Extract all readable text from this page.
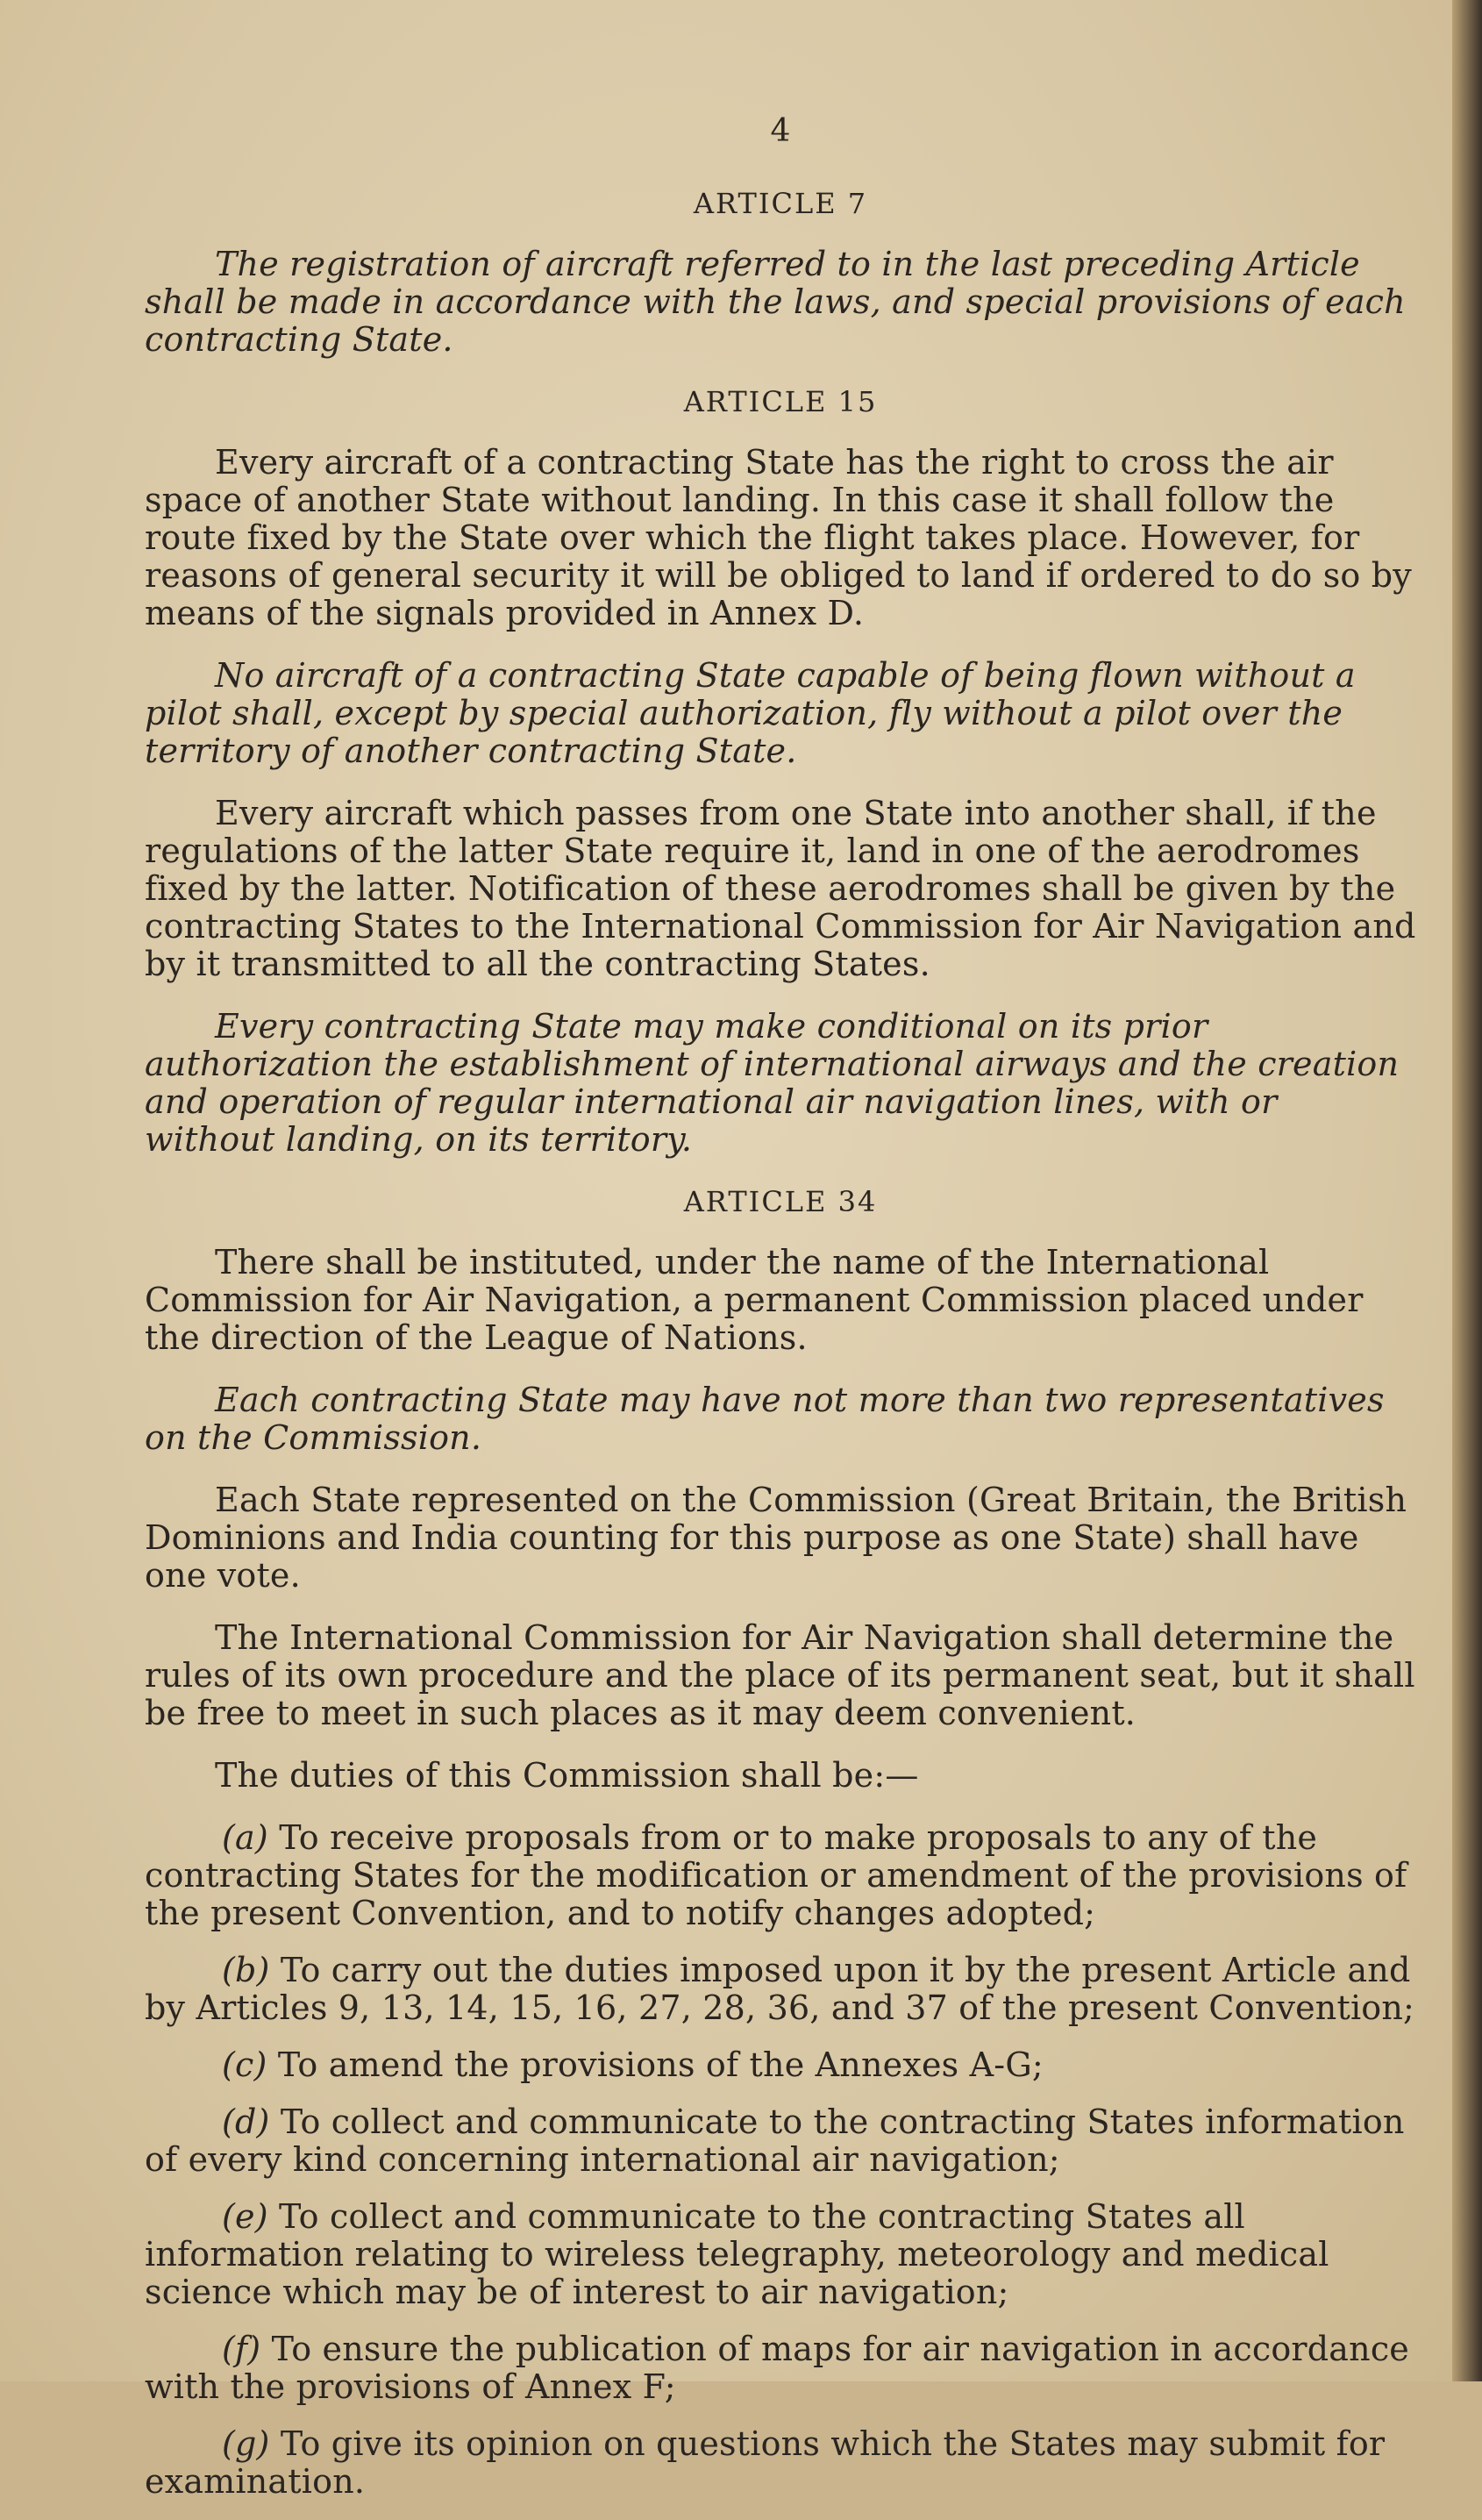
4
ARTICLE 7

The registration of aircraft referred to in the last preceding Article shall be made in accordance with the laws, and special provisions of each contracting State.

ARTICLE 15

Every aircraft of a contracting State has the right to cross the air space of another State without landing. In this case it shall follow the route fixed by the State over which the flight takes place. However, for reasons of general security it will be obliged to land if ordered to do so by means of the signals provided in Annex D.

No aircraft of a contracting State capable of being flown without a pilot shall, except by special authorization, fly without a pilot over the territory of another contracting State.

Every aircraft which passes from one State into another shall, if the regulations of the latter State require it, land in one of the aerodromes fixed by the latter. Notification of these aerodromes shall be given by the contracting States to the International Commission for Air Navigation and by it transmitted to all the contracting States.

Every contracting State may make conditional on its prior authorization the establishment of international airways and the creation and operation of regular international air navigation lines, with or without landing, on its territory.

ARTICLE 34

There shall be instituted, under the name of the International Commission for Air Navigation, a permanent Commission placed under the direction of the League of Nations.

Each contracting State may have not more than two representatives on the Commission.

Each State represented on the Commission (Great Britain, the British Dominions and India counting for this purpose as one State) shall have one vote.

The International Commission for Air Navigation shall determine the rules of its own procedure and the place of its permanent seat, but it shall be free to meet in such places as it may deem convenient.

The duties of this Commission shall be:—

(a) To receive proposals from or to make proposals to any of the contracting States for the modification or amendment of the provisions of the present Convention, and to notify changes adopted;

(b) To carry out the duties imposed upon it by the present Article and by Articles 9, 13, 14, 15, 16, 27, 28, 36, and 37 of the present Convention;

(c) To amend the provisions of the Annexes A-G;

(d) To collect and communicate to the contracting States information of every kind concerning international air navigation;

(e) To collect and communicate to the contracting States all information relating to wireless telegraphy, meteorology and medical science which may be of interest to air navigation;

(f) To ensure the publication of maps for air navigation in accordance with the provisions of Annex F;

(g) To give its opinion on questions which the States may submit for examination.
